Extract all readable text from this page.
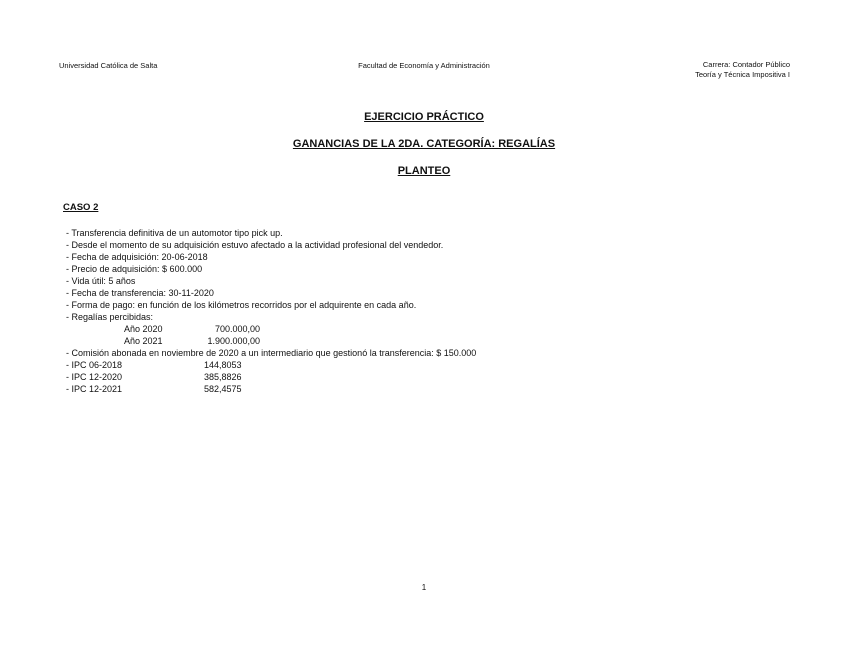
Universidad Católica de Salta	Facultad de Economía y Administración	Carrera: Contador Público
Teoría y Técnica Impositiva I
EJERCICIO PRÁCTICO
GANANCIAS DE LA 2DA. CATEGORÍA: REGALÍAS
PLANTEO
CASO 2
- Transferencia definitiva de un automotor tipo pick up.
- Desde el momento de su adquisición estuvo afectado a la actividad profesional del vendedor.
- Fecha de adquisición: 20-06-2018
- Precio de adquisición: $ 600.000
- Vida útil: 5 años
- Fecha de transferencia: 30-11-2020
- Forma de pago: en función de los kilómetros recorridos por el adquirente en cada año.
- Regalías percibidas:
Año 2020	700.000,00
Año 2021	1.900.000,00
- Comisión abonada en noviembre de 2020 a un intermediario que gestionó la transferencia: $ 150.000
- IPC 06-2018	144,8053
- IPC 12-2020	385,8826
- IPC 12-2021	582,4575
1
